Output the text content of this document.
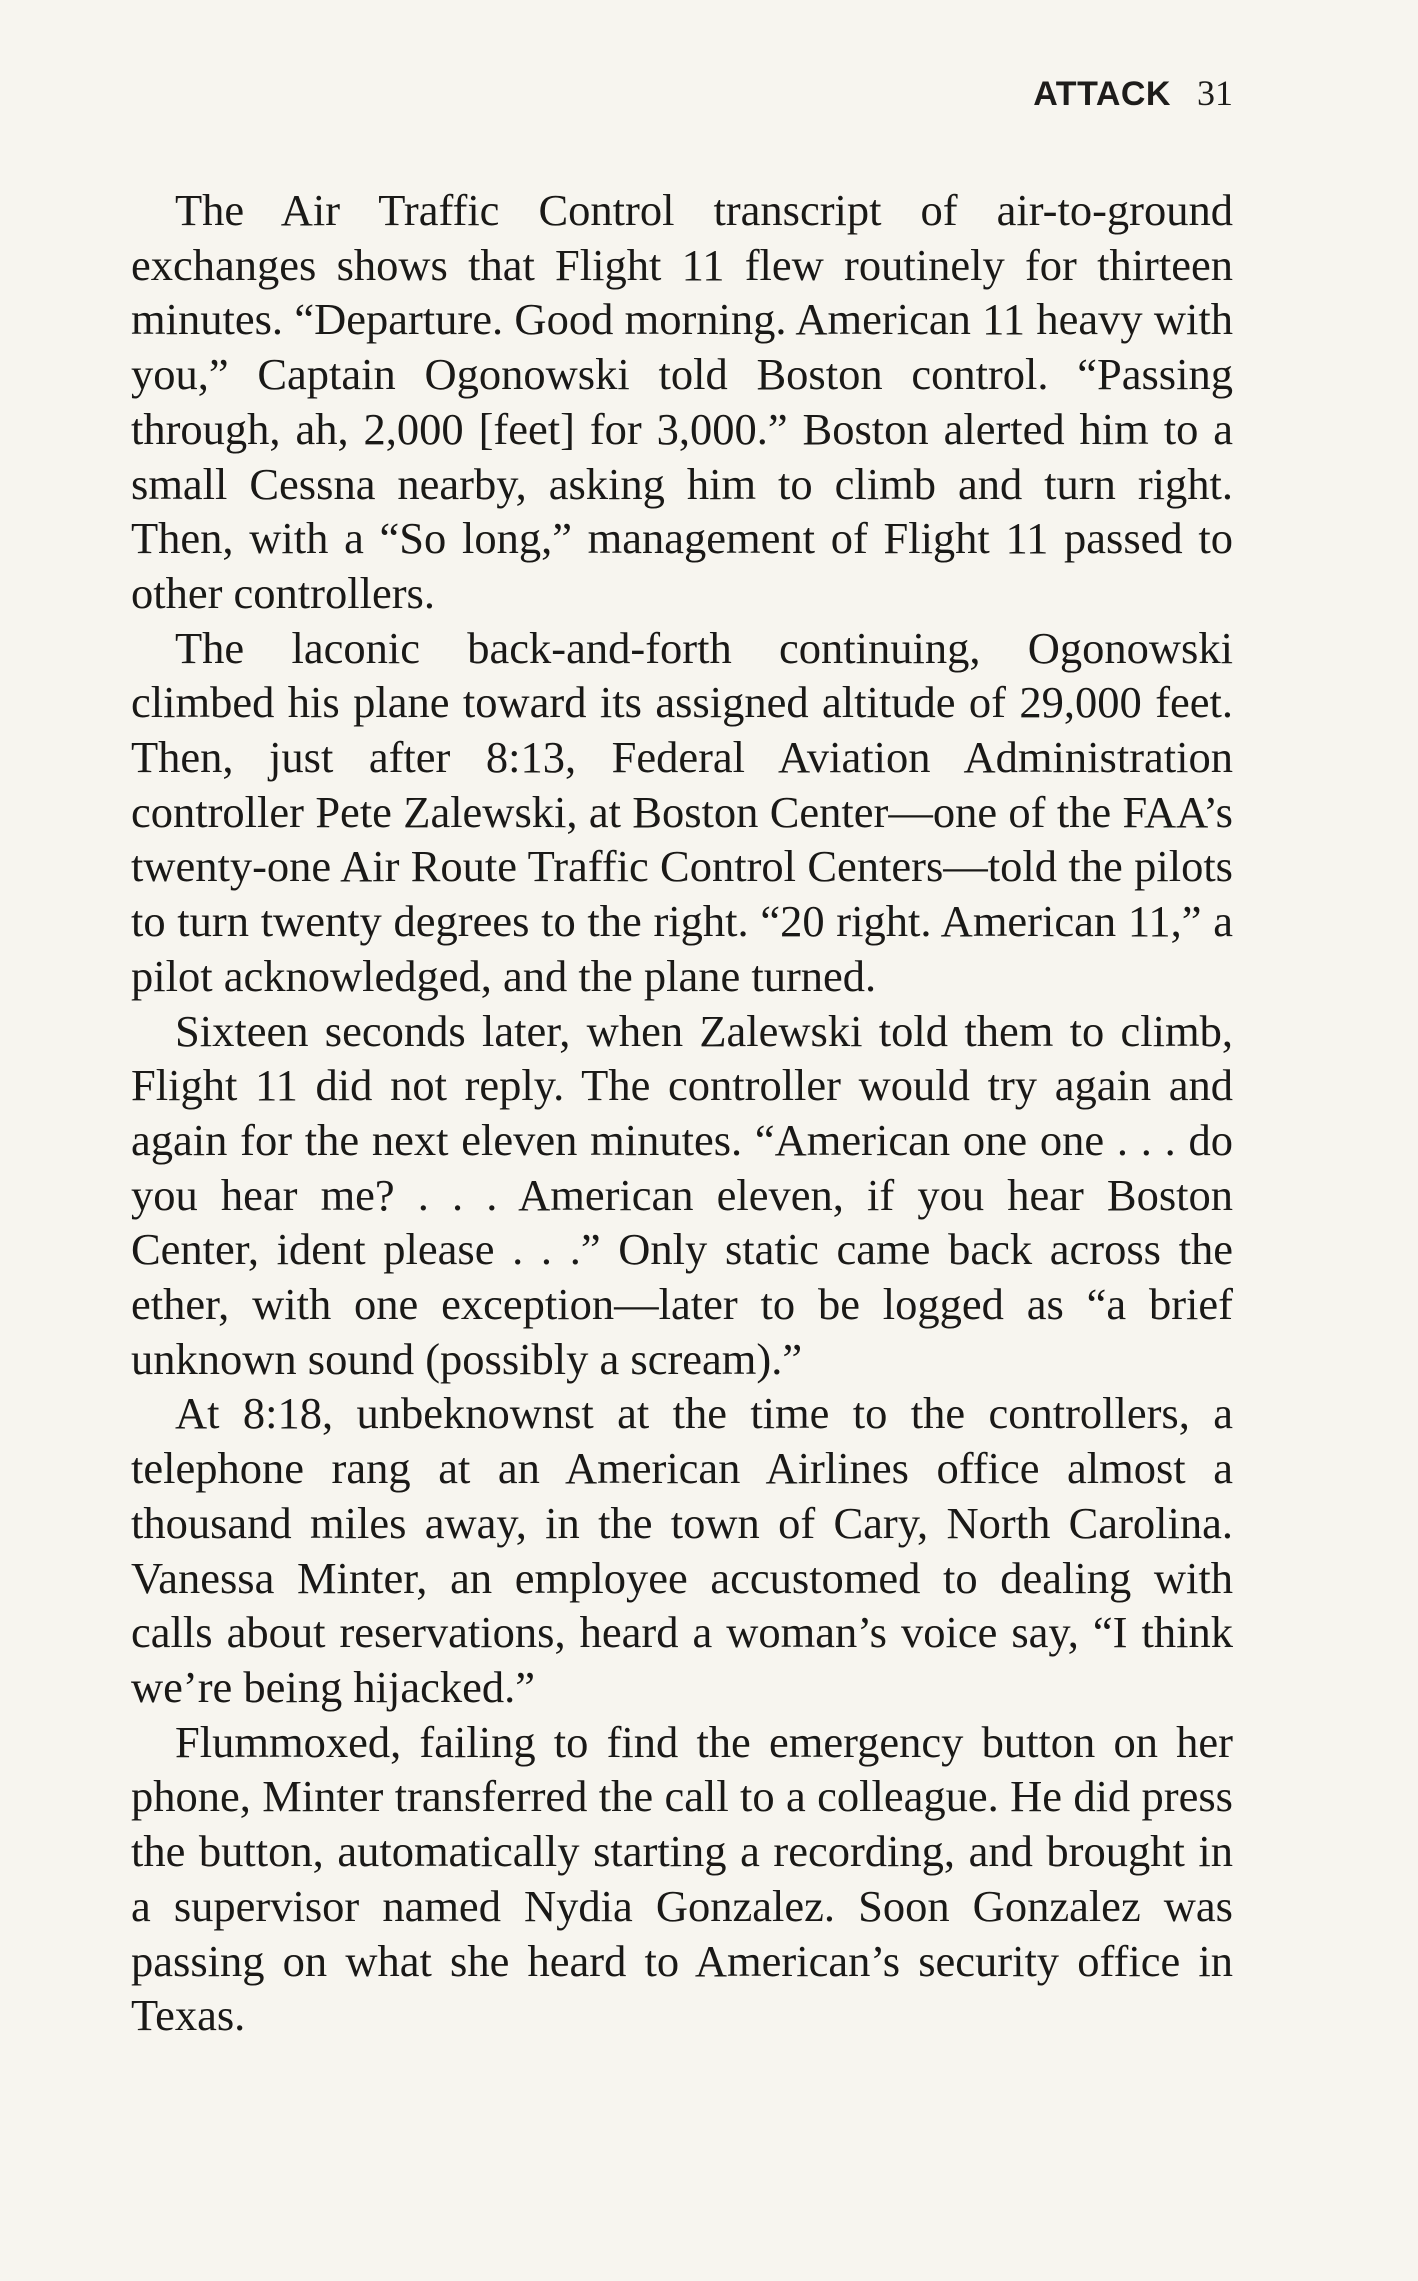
ATTACK 31

The Air Traffic Control transcript of air-to-ground exchanges shows that Flight 11 flew routinely for thirteen minutes. “Departure. Good morning. American 11 heavy with you,” Captain Ogonowski told Boston control. “Passing through, ah, 2,000 [feet] for 3,000.” Boston alerted him to a small Cessna nearby, asking him to climb and turn right. Then, with a “So long,” management of Flight 11 passed to other controllers.

The laconic back-and-forth continuing, Ogonowski climbed his plane toward its assigned altitude of 29,000 feet. Then, just after 8:13, Federal Aviation Administration controller Pete Zalewski, at Boston Center—one of the FAA’s twenty-one Air Route Traffic Control Centers—told the pilots to turn twenty degrees to the right. “20 right. American 11,” a pilot acknowledged, and the plane turned.

Sixteen seconds later, when Zalewski told them to climb, Flight 11 did not reply. The controller would try again and again for the next eleven minutes. “American one one . . . do you hear me? . . . American eleven, if you hear Boston Center, ident please . . .” Only static came back across the ether, with one exception—later to be logged as “a brief unknown sound (possibly a scream).”

At 8:18, unbeknownst at the time to the controllers, a telephone rang at an American Airlines office almost a thousand miles away, in the town of Cary, North Carolina. Vanessa Minter, an employee accustomed to dealing with calls about reservations, heard a woman’s voice say, “I think we’re being hijacked.”

Flummoxed, failing to find the emergency button on her phone, Minter transferred the call to a colleague. He did press the button, automatically starting a recording, and brought in a supervisor named Nydia Gonzalez. Soon Gonzalez was passing on what she heard to American’s security office in Texas.
